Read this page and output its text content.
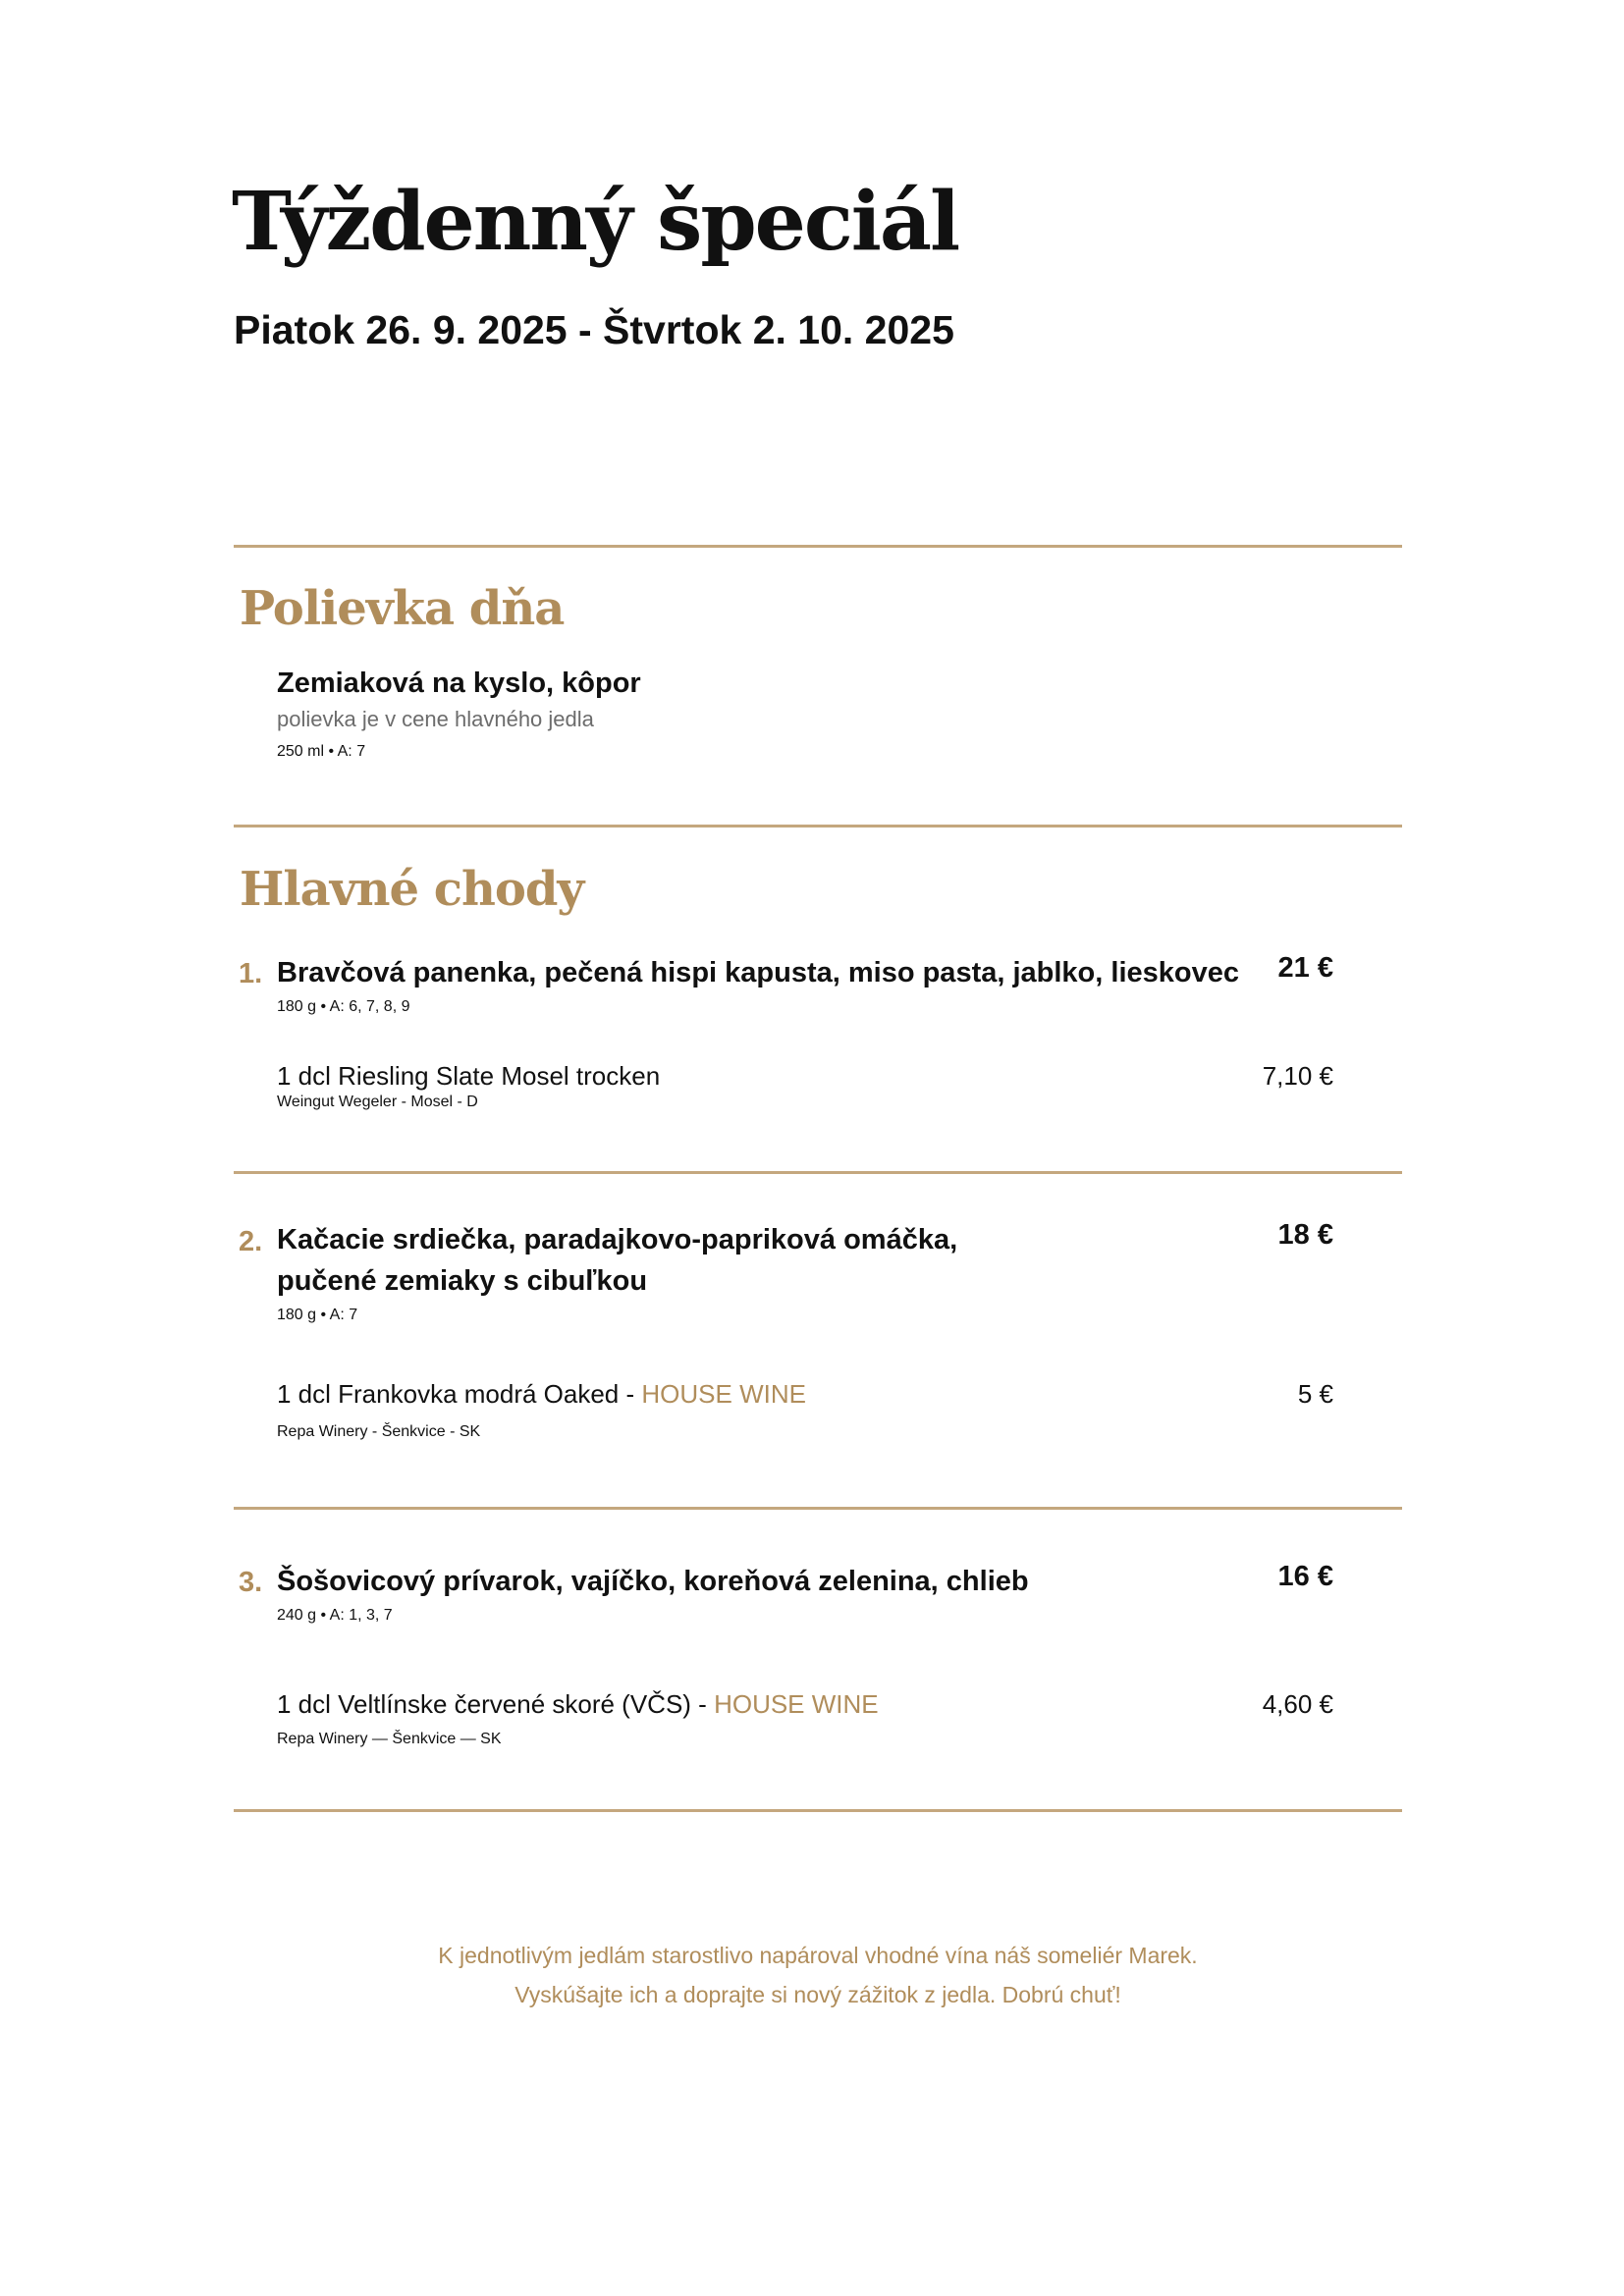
Týždenný špeciál
Piatok 26. 9. 2025 - Štvrtok 2. 10. 2025
Polievka dňa
Zemiaková na kyslo, kôpor
polievka je v cene hlavného jedla
250 ml • A: 7
Hlavné chody
1. Bravčová panenka, pečená hispi kapusta, miso pasta, jablko, lieskovec	21 €
180 g • A: 6, 7, 8, 9
1 dcl Riesling Slate Mosel trocken	7,10 €
Weingut Wegeler - Mosel - D
2. Kačacie srdiečka, paradajkovo-papriková omáčka,
pučené zemiaky s cibuľkou
18 €
180 g • A: 7
1 dcl Frankovka modrá Oaked - HOUSE WINE	5 €
Repa Winery - Šenkvice - SK
3. Šošovicový prívarok, vajíčko, koreňová zelenina, chlieb	16 €
240 g • A: 1, 3, 7
1 dcl Veltlínske červené skoré (VČS) - HOUSE WINE	4,60 €
Repa Winery — Šenkvice — SK
K jednotlivým jedlám starostlivo napároval vhodné vína náš someliér Marek.
Vyskúšajte ich a doprajte si nový zážitok z jedla. Dobrú chuť!
